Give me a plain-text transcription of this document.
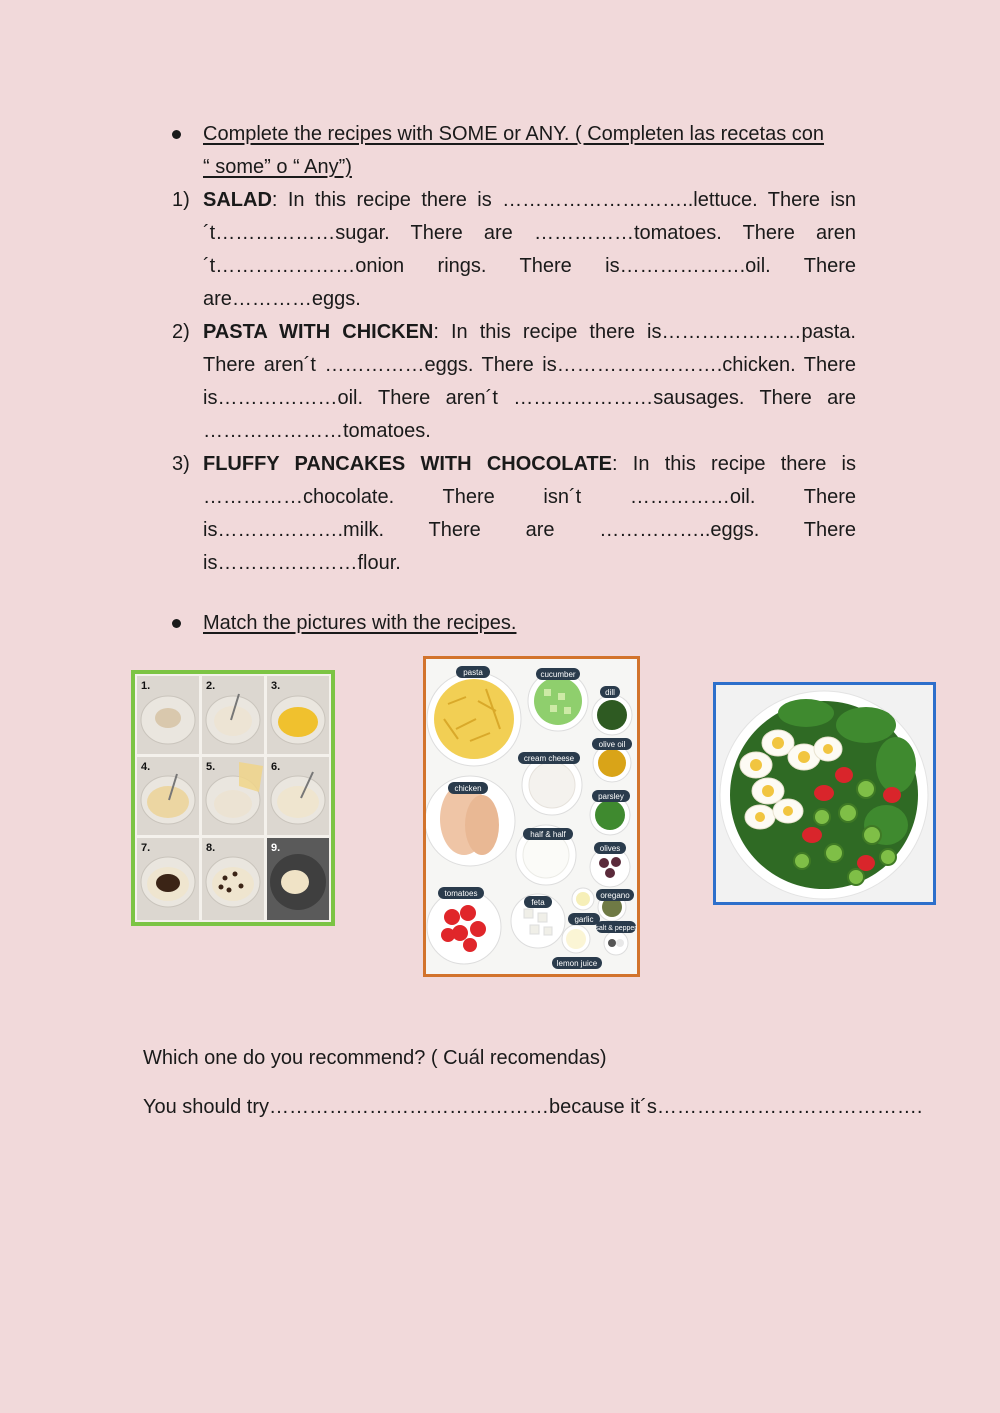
Complete the recipes with SOME or ANY. ( Completen las recetas con “ some” o “ Any”)

1) SALAD: In this recipe there is ………………………..lettuce. There isn´t………………sugar. There are ……………tomatoes. There aren´t…………………onion rings. There is……………….oil. There are…………eggs.

2) PASTA WITH CHICKEN: In this recipe there is…………………pasta. There aren´t ……………eggs. There is…………………….chicken. There is………………oil. There aren´t …………………sausages. There are …………………tomatoes.

3) FLUFFY PANCAKES WITH CHOCOLATE: In this recipe there is ……………chocolate. There isn´t ……………oil. There is……………….milk. There are ……………..eggs. There is…………………flour.

Match the pictures with the recipes.
1.	2.	3.
4.	5.	6.
7.	8.	9.
pasta	cucumber
dill
olive oil
cream cheese
chicken
parsley
half & half
olives
tomatoes
feta
oregano
garlic
salt & pepper
lemon juice
Which one do you recommend? ( Cuál recomendas)
You should try……………………………………because it´s………………………………….
